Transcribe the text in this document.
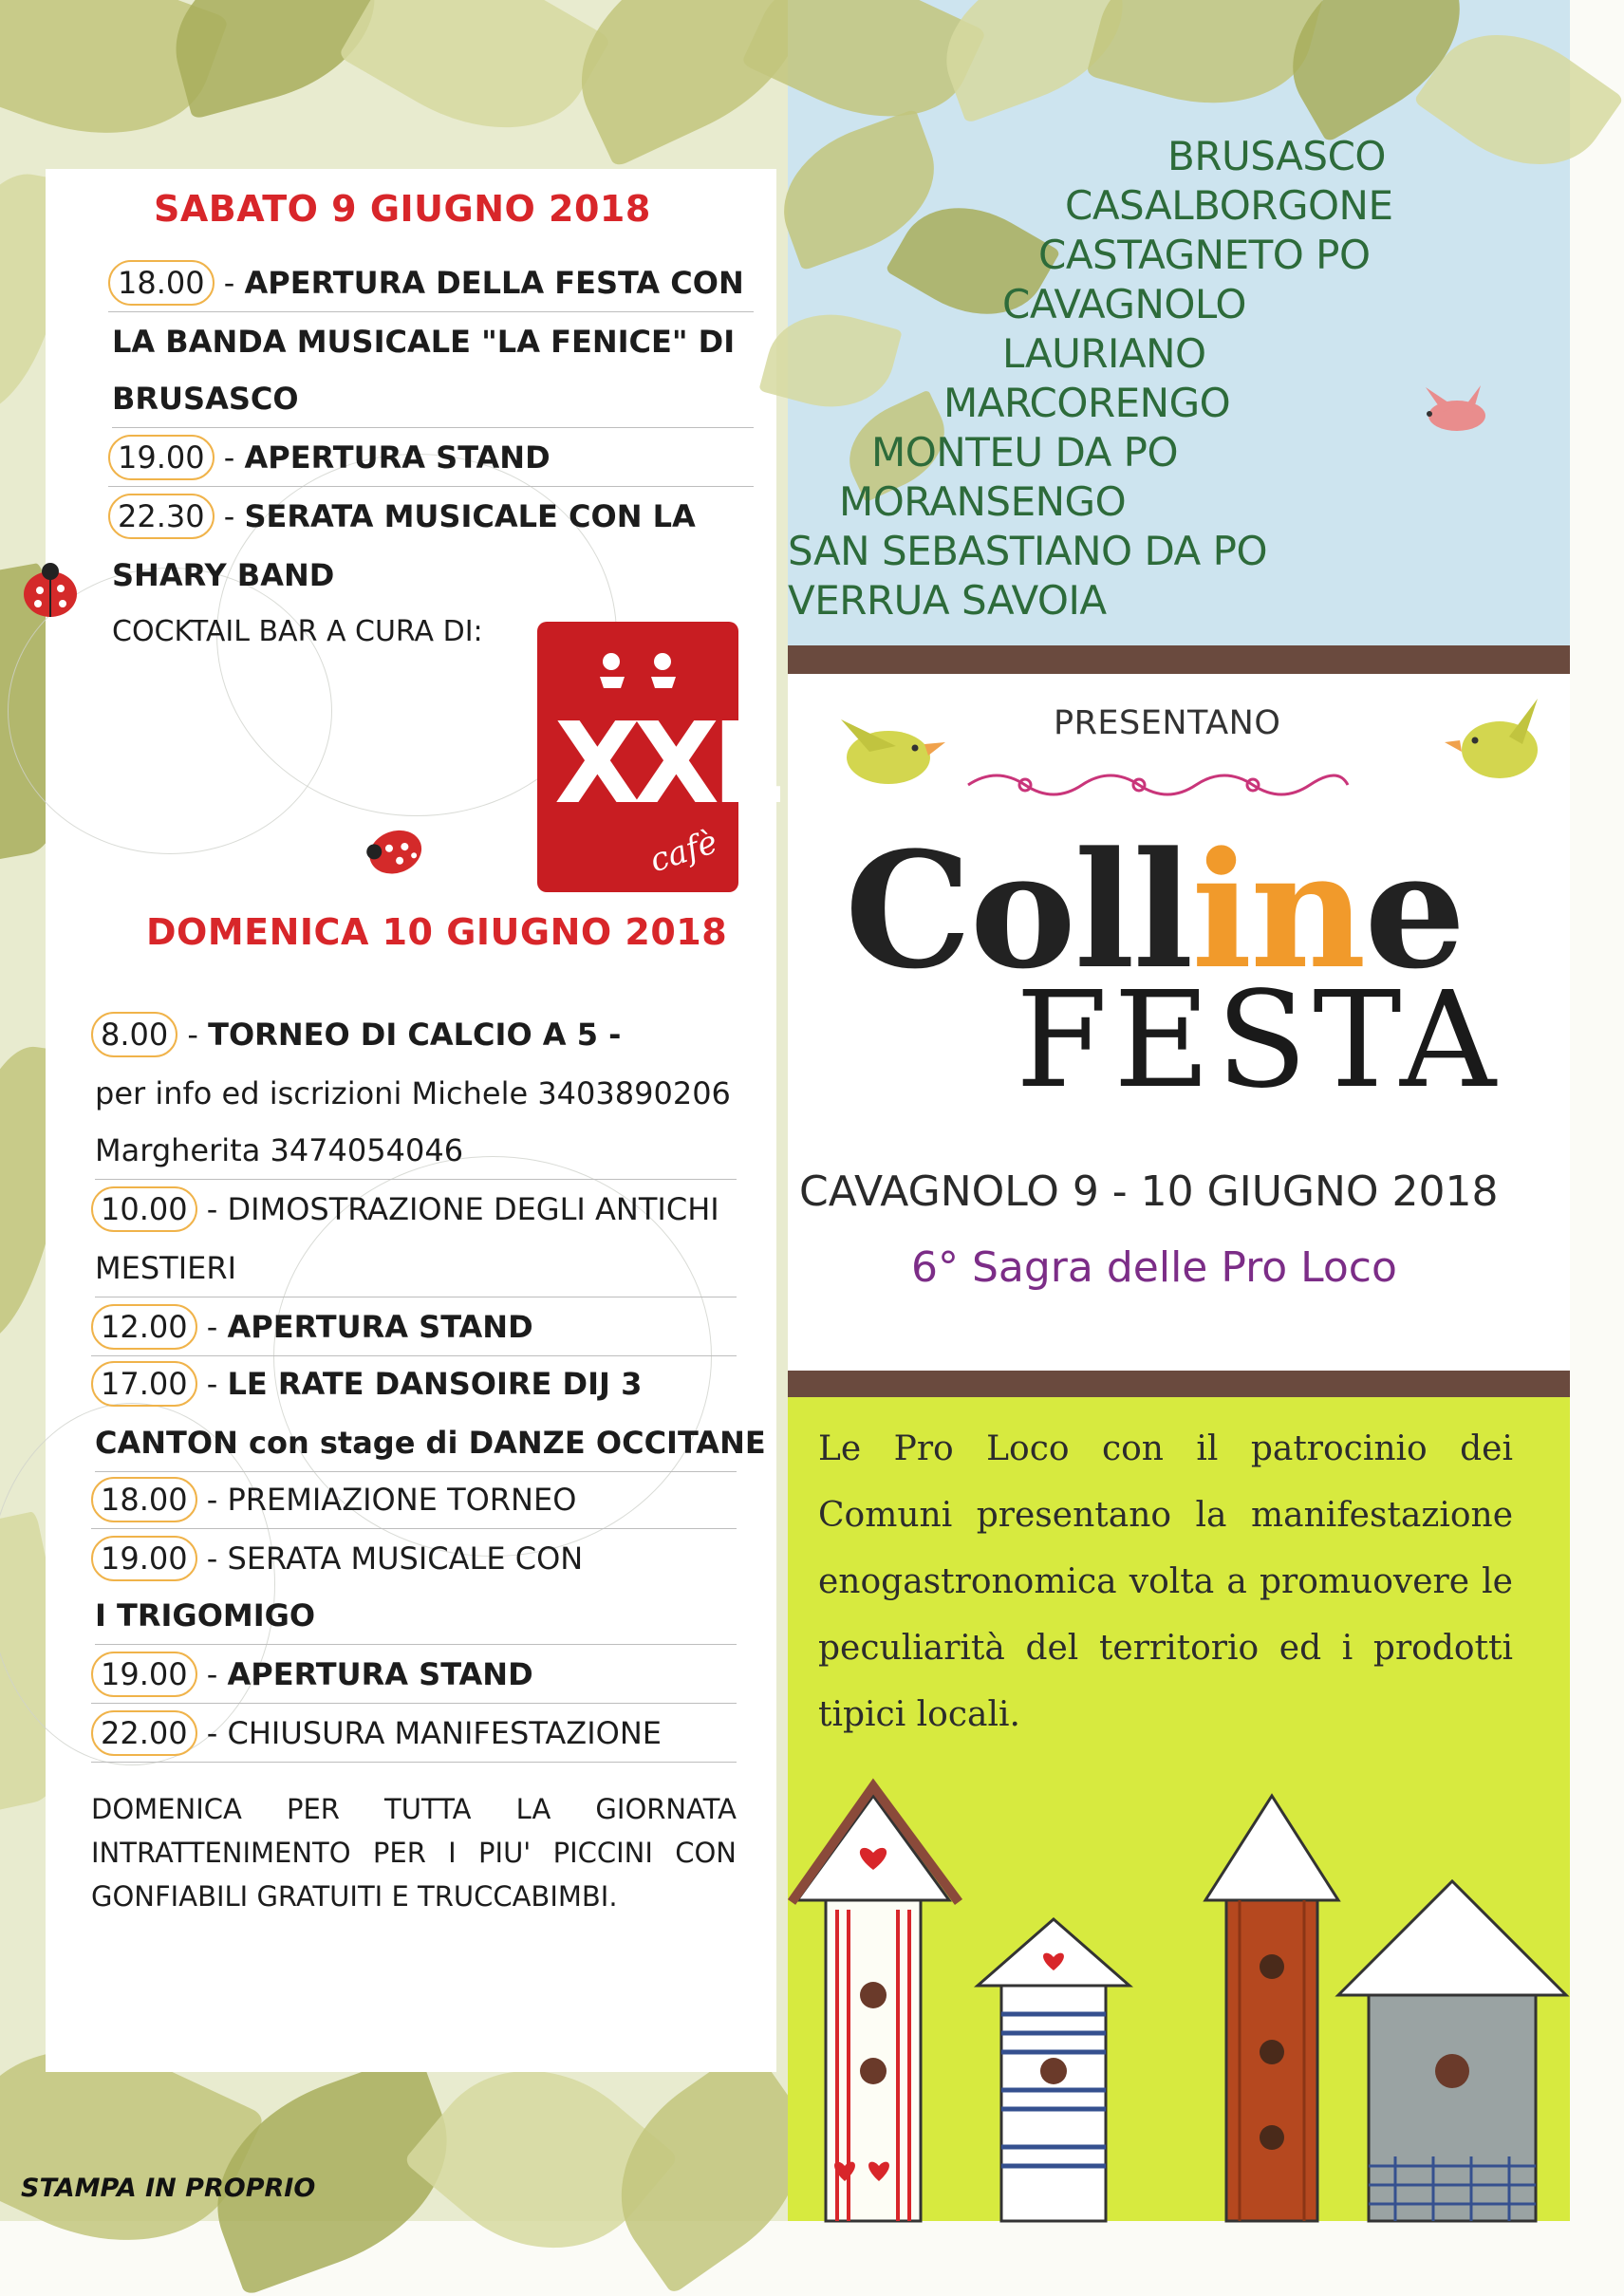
SABATO 9 GIUGNO 2018
18.00 - APERTURA DELLA FESTA CON
LA BANDA MUSICALE "LA FENICE" DI
BRUSASCO
19.00 - APERTURA STAND
22.30 - SERATA MUSICALE CON LA
SHARY BAND
COCKTAIL BAR A CURA DI:
XXL
cafè
DOMENICA 10 GIUGNO 2018
8.00 - TORNEO DI CALCIO A 5 -
per info ed iscrizioni Michele 3403890206
Margherita 3474054046
10.00 - DIMOSTRAZIONE DEGLI ANTICHI
MESTIERI
12.00 - APERTURA STAND
17.00 - LE RATE DANSOIRE DIJ 3
CANTON con stage di DANZE OCCITANE
18.00 - PREMIAZIONE TORNEO
19.00 - SERATA MUSICALE CON
I TRIGOMIGO
19.00 - APERTURA STAND
22.00 - CHIUSURA MANIFESTAZIONE
DOMENICA PER TUTTA LA GIORNATA INTRATTENIMENTO PER I PIU' PICCINI CON GONFIABILI GRATUITI E TRUCCABIMBI.
STAMPA IN PROPRIO
BRUSASCO
CASALBORGONE
CASTAGNETO PO
CAVAGNOLO
LAURIANO
MARCORENGO
MONTEU DA PO
MORANSENGO
SAN SEBASTIANO DA PO
VERRUA SAVOIA
PRESENTANO
Colline
FESTA
CAVAGNOLO 9 - 10 GIUGNO 2018
6° Sagra delle Pro Loco
Le Pro Loco con il patrocinio dei Comuni presentano la manifestazione enogastronomica volta a promuovere le peculiarità del territorio ed i prodotti tipici locali.
